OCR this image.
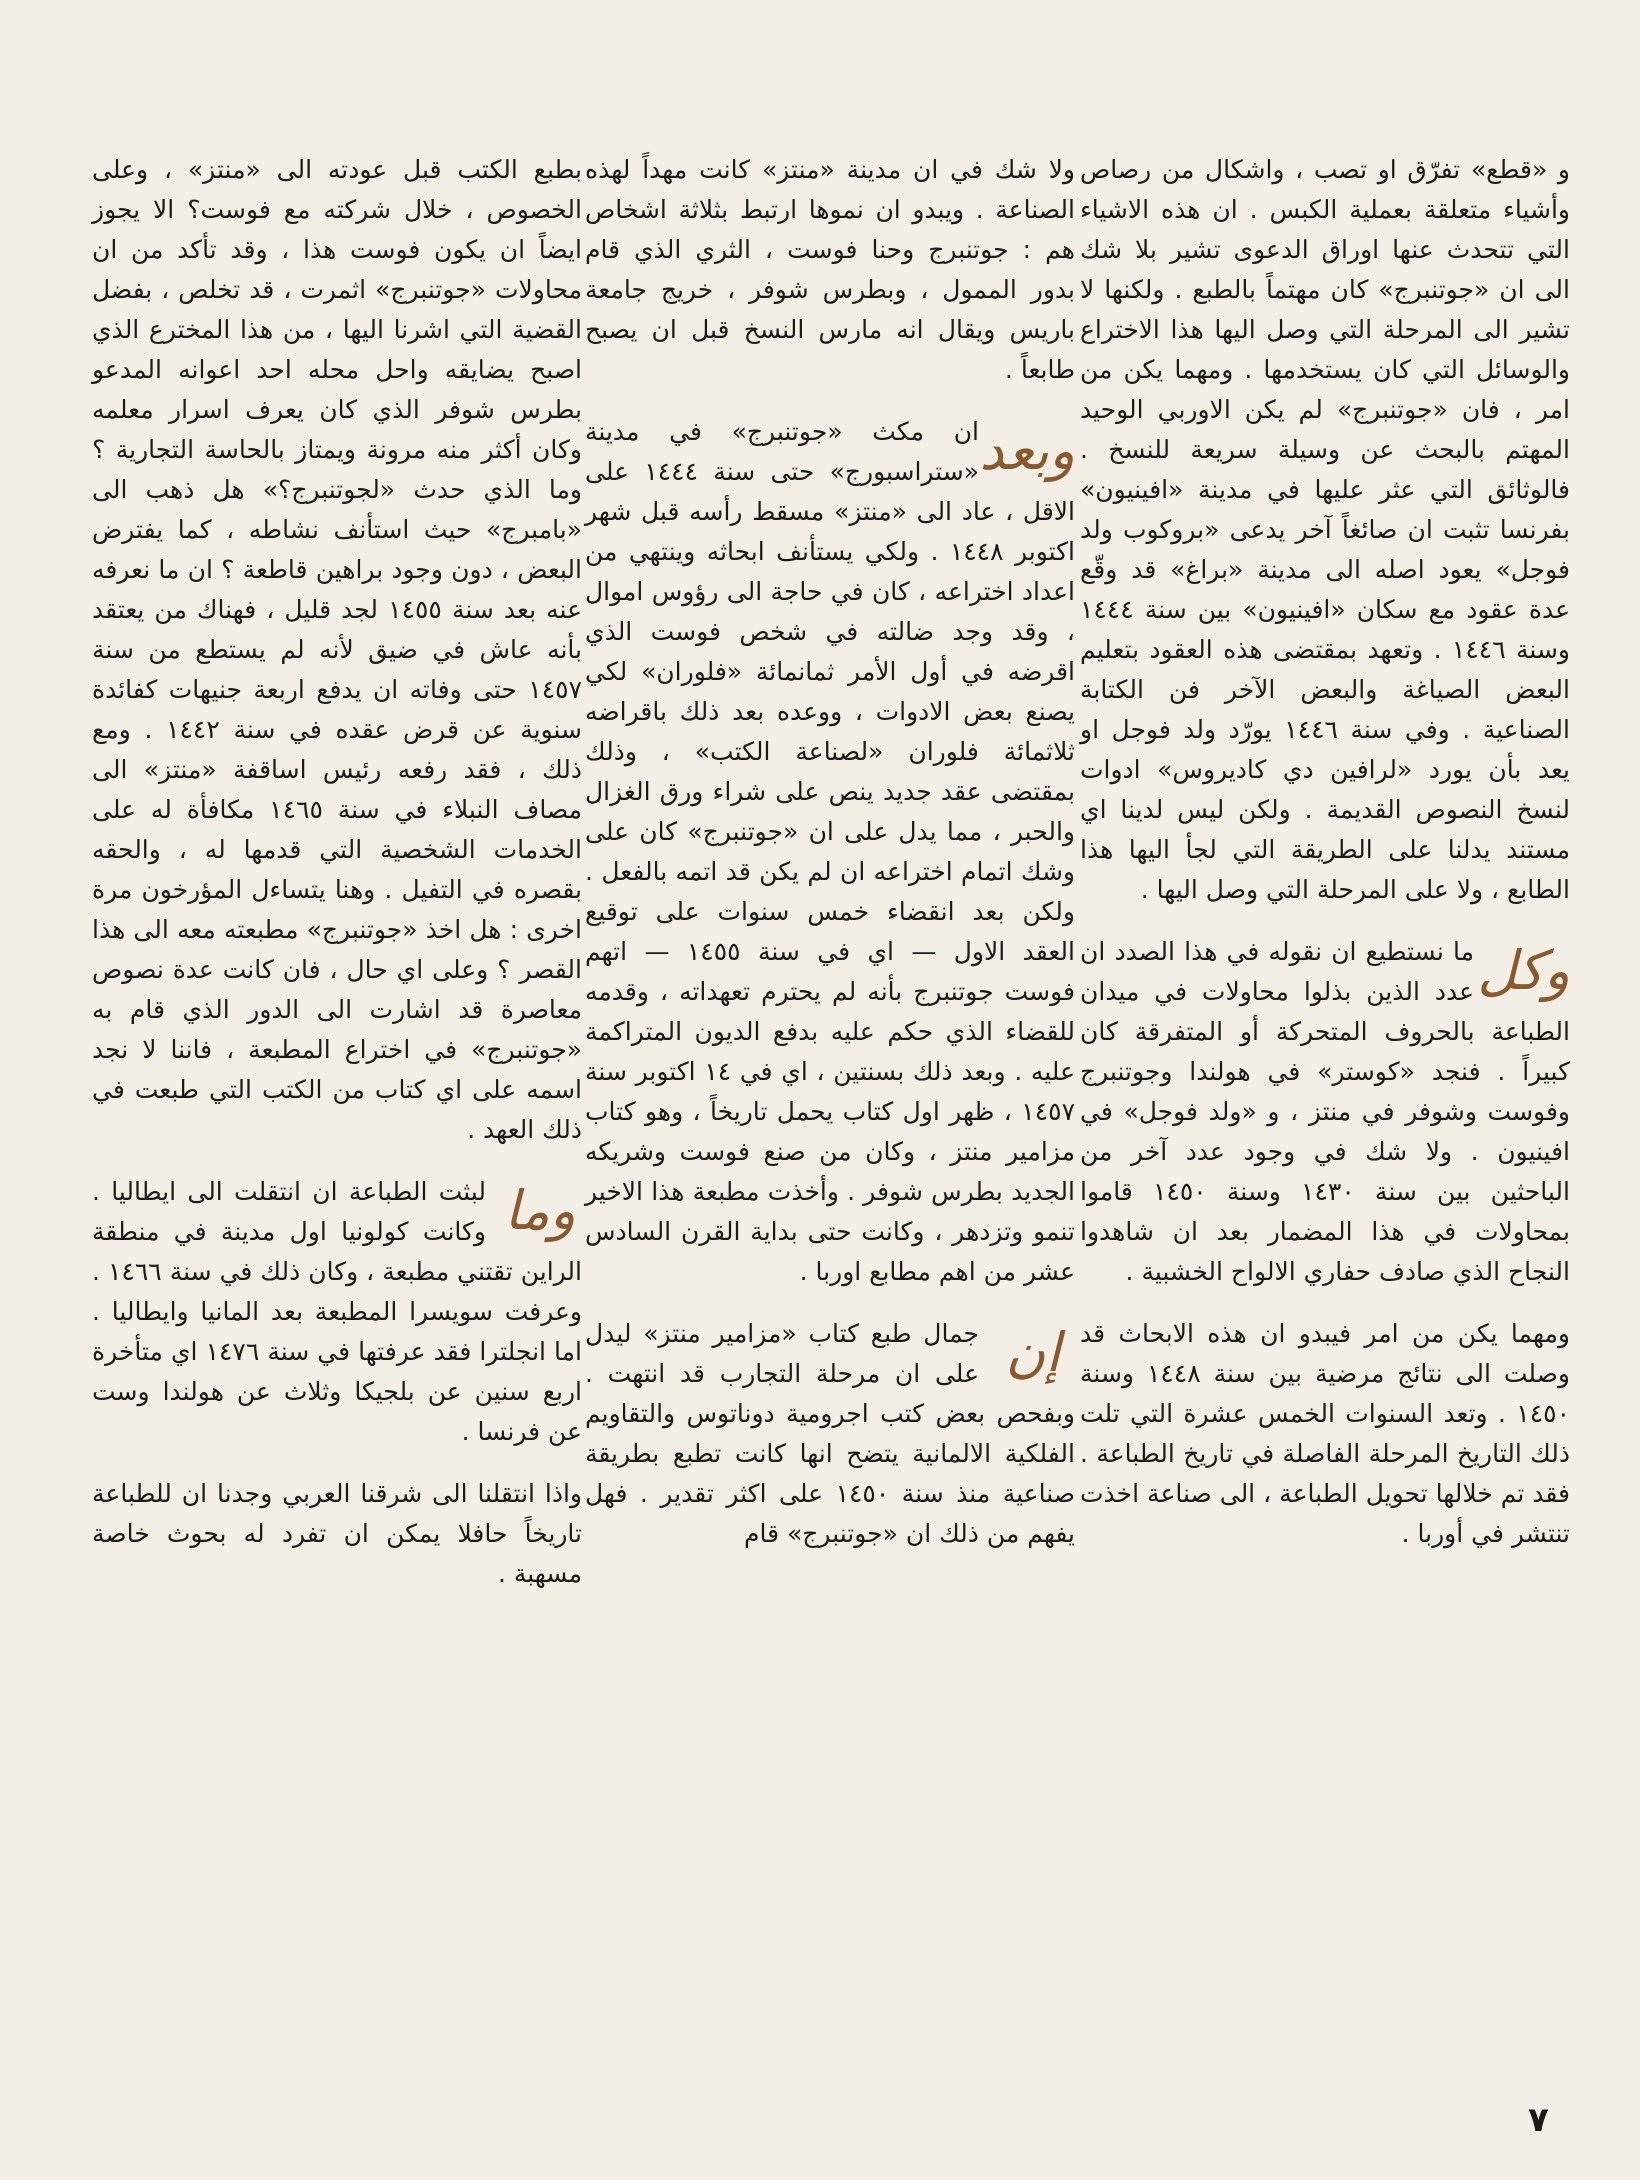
و «قطع» تفرّق او تصب ، واشكال من رصاص وأشياء متعلقة بعملية الكبس . ان هذه الاشياء التي تتحدث عنها اوراق الدعوى تشير بلا شك الى ان «جوتنبرج» كان مهتماً بالطبع . ولكنها لا تشير الى المرحلة التي وصل اليها هذا الاختراع والوسائل التي كان يستخدمها . ومهما يكن من امر ، فان «جوتنبرج» لم يكن الاوربي الوحيد المهتم بالبحث عن وسيلة سريعة للنسخ . فالوثائق التي عثر عليها في مدينة «افينيون» بفرنسا تثبت ان صائغاً آخر يدعى «بروكوب ولد فوجل» يعود اصله الى مدينة «براغ» قد وقّع عدة عقود مع سكان «افينيون» بين سنة ١٤٤٤ وسنة ١٤٤٦ . وتعهد بمقتضى هذه العقود بتعليم البعض الصياغة والبعض الآخر فن الكتابة الصناعية . وفي سنة ١٤٤٦ يورّد ولد فوجل او يعد بأن يورد «لرافين دي كاديروس» ادوات لنسخ النصوص القديمة . ولكن ليس لدينا اي مستند يدلنا على الطريقة التي لجأ اليها هذا الطابع ، ولا على المرحلة التي وصل اليها .

وكل
ما نستطيع ان نقوله في هذا الصدد ان عدد الذين بذلوا محاولات في ميدان الطباعة بالحروف المتحركة أو المتفرقة كان كبيراً . فنجد «كوستر» في هولندا وجوتنبرج وفوست وشوفر في منتز ، و «ولد فوجل» في افينيون . ولا شك في وجود عدد آخر من الباحثين بين سنة ١٤٣٠ وسنة ١٤٥٠ قاموا بمحاولات في هذا المضمار بعد ان شاهدوا النجاح الذي صادف حفاري الالواح الخشبية .

ومهما يكن من امر فيبدو ان هذه الابحاث قد وصلت الى نتائج مرضية بين سنة ١٤٤٨ وسنة ١٤٥٠ . وتعد السنوات الخمس عشرة التي تلت ذلك التاريخ المرحلة الفاصلة في تاريخ الطباعة . فقد تم خلالها تحويل الطباعة ، الى صناعة اخذت تنتشر في أوربا .

ولا شك في ان مدينة «منتز» كانت مهداً لهذه الصناعة . ويبدو ان نموها ارتبط بثلاثة اشخاص هم : جوتنبرج وحنا فوست ، الثري الذي قام بدور الممول ، وبطرس شوفر ، خريج جامعة باريس ويقال انه مارس النسخ قبل ان يصبح طابعاً .

وبعد
ان مكث «جوتنبرج» في مدينة «ستراسبورج» حتى سنة ١٤٤٤ على الاقل ، عاد الى «منتز» مسقط رأسه قبل شهر اكتوبر ١٤٤٨ . ولكي يستأنف ابحاثه وينتهي من اعداد اختراعه ، كان في حاجة الى رؤوس اموال ، وقد وجد ضالته في شخص فوست الذي اقرضه في أول الأمر ثمانمائة «فلوران» لكي يصنع بعض الادوات ، ووعده بعد ذلك باقراضه ثلاثمائة فلوران «لصناعة الكتب» ، وذلك بمقتضى عقد جديد ينص على شراء ورق الغزال والحبر ، مما يدل على ان «جوتنبرج» كان على وشك اتمام اختراعه ان لم يكن قد اتمه بالفعل . ولكن بعد انقضاء خمس سنوات على توقيع العقد الاول — اي في سنة ١٤٥٥ — اتهم فوست جوتنبرج بأنه لم يحترم تعهداته ، وقدمه للقضاء الذي حكم عليه بدفع الديون المتراكمة عليه . وبعد ذلك بسنتين ، اي في ١٤ اكتوبر سنة ١٤٥٧ ، ظهر اول كتاب يحمل تاريخاً ، وهو كتاب مزامير منتز ، وكان من صنع فوست وشريكه الجديد بطرس شوفر . وأخذت مطبعة هذا الاخير تنمو وتزدهر ، وكانت حتى بداية القرن السادس عشر من اهم مطابع اوربا .
إن
جمال طبع كتاب «مزامير منتز» ليدل على ان مرحلة التجارب قد انتهت . وبفحص بعض كتب اجرومية دوناتوس والتقاويم الفلكية الالمانية يتضح انها كانت تطبع بطريقة صناعية منذ سنة ١٤٥٠ على اكثر تقدير . فهل يفهم من ذلك ان «جوتنبرج» قام

بطبع الكتب قبل عودته الى «منتز» ، وعلى الخصوص ، خلال شركته مع فوست؟ الا يجوز ايضاً ان يكون فوست هذا ، وقد تأكد من ان محاولات «جوتنبرج» اثمرت ، قد تخلص ، بفضل القضية التي اشرنا اليها ، من هذا المخترع الذي اصبح يضايقه واحل محله احد اعوانه المدعو بطرس شوفر الذي كان يعرف اسرار معلمه وكان أكثر منه مرونة ويمتاز بالحاسة التجارية ؟ وما الذي حدث «لجوتنبرج؟» هل ذهب الى «بامبرج» حيث استأنف نشاطه ، كما يفترض البعض ، دون وجود براهين قاطعة ؟ ان ما نعرفه عنه بعد سنة ١٤٥٥ لجد قليل ، فهناك من يعتقد بأنه عاش في ضيق لأنه لم يستطع من سنة ١٤٥٧ حتى وفاته ان يدفع اربعة جنيهات كفائدة سنوية عن قرض عقده في سنة ١٤٤٢ . ومع ذلك ، فقد رفعه رئيس اساقفة «منتز» الى مصاف النبلاء في سنة ١٤٦٥ مكافأة له على الخدمات الشخصية التي قدمها له ، والحقه بقصره في التفيل . وهنا يتساءل المؤرخون مرة اخرى : هل اخذ «جوتنبرج» مطبعته معه الى هذا القصر ؟ وعلى اي حال ، فان كانت عدة نصوص معاصرة قد اشارت الى الدور الذي قام به «جوتنبرج» في اختراع المطبعة ، فاننا لا نجد اسمه على اي كتاب من الكتب التي طبعت في ذلك العهد .

وما
لبثت الطباعة ان انتقلت الى ايطاليا . وكانت كولونيا اول مدينة في منطقة الراين تقتني مطبعة ، وكان ذلك في سنة ١٤٦٦ . وعرفت سويسرا المطبعة بعد المانيا وايطاليا . اما انجلترا فقد عرفتها في سنة ١٤٧٦ اي متأخرة اربع سنين عن بلجيكا وثلاث عن هولندا وست عن فرنسا .

واذا انتقلنا الى شرقنا العربي وجدنا ان للطباعة تاريخاً حافلا يمكن ان تفرد له بحوث خاصة مسهبة .

٧
